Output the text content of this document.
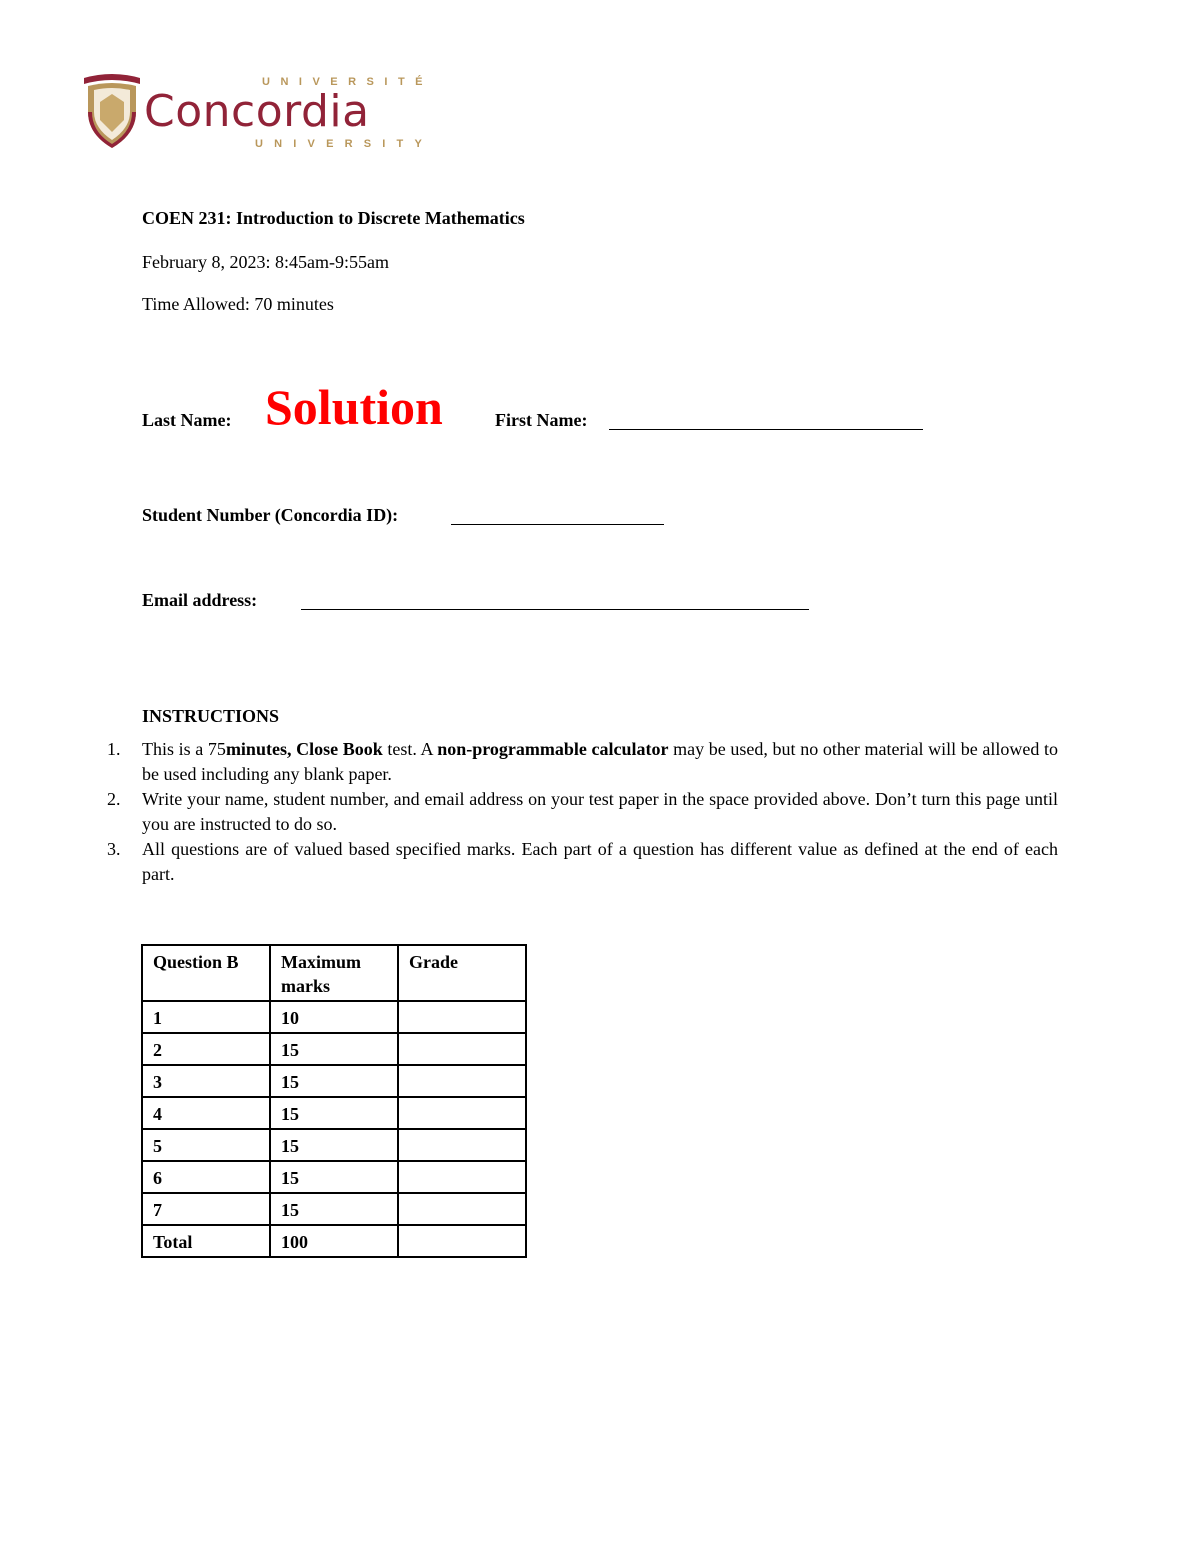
UNIVERSITÉ
Concordia
UNIVERSITY
COEN 231: Introduction to Discrete Mathematics
February 8, 2023: 8:45am-9:55am
Time Allowed: 70 minutes
Last Name: Solution	First Name:
Student Number (Concordia ID):
Email address:
INSTRUCTIONS
1. This is a 75minutes, Close Book test. A non-programmable calculator may be used, but no other material will be allowed to be used including any blank paper.
2. Write your name, student number, and email address on your test paper in the space provided above. Don’t turn this page until you are instructed to do so.
3. All questions are of valued based specified marks. Each part of a question has different value as defined at the end of each part.
Question B	Maximum marks	Grade
1	10	
2	15	
3	15	
4	15	
5	15	
6	15	
7	15	
Total	100	
